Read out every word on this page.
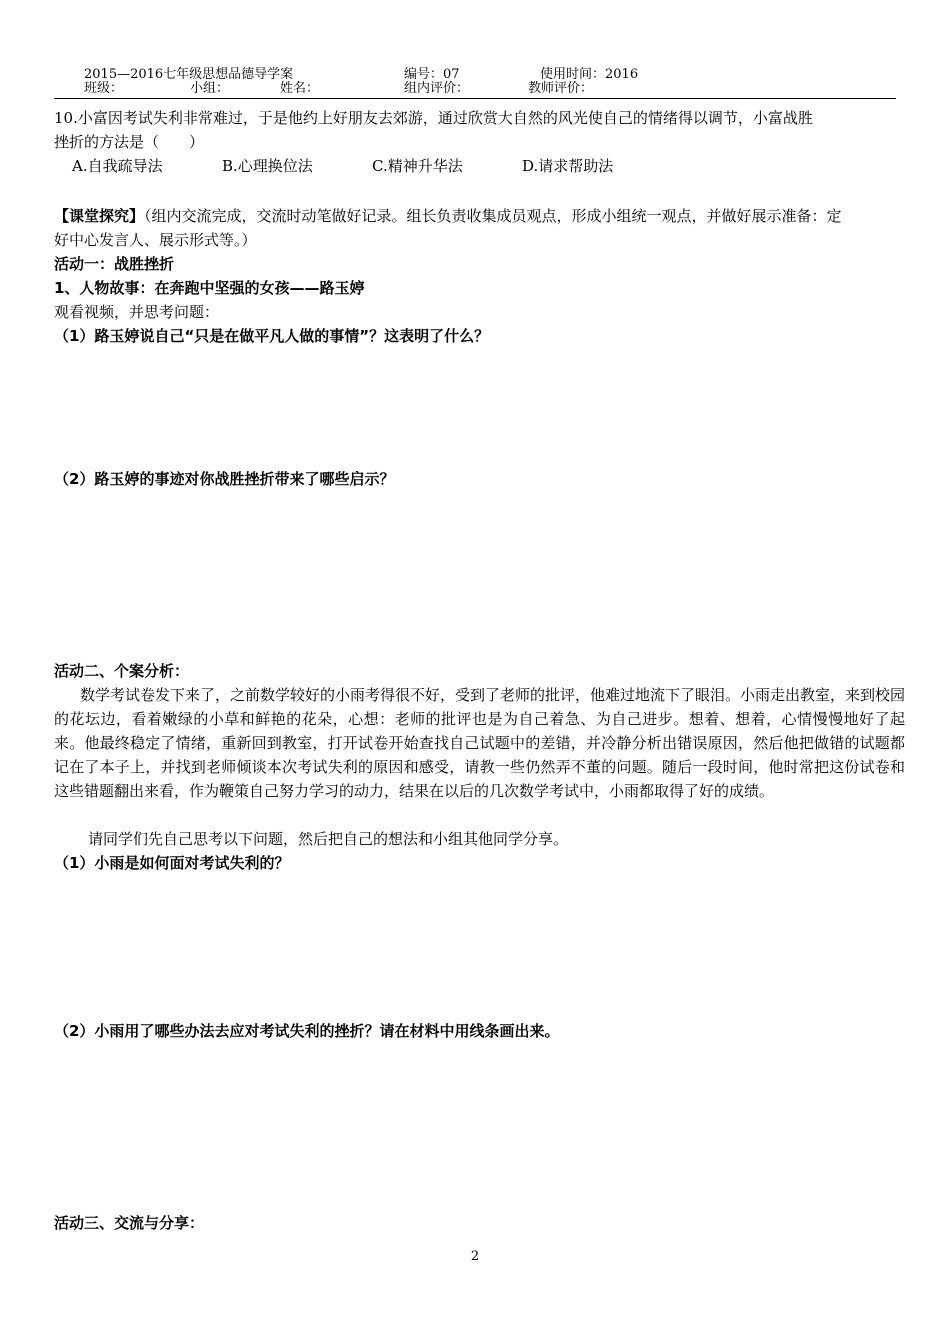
2015—2016七年级思想品德导学案	编号：07	使用时间：2016
班级：	小组：	姓名：	组内评价：	教师评价：
10.小富因考试失利非常难过，于是他约上好朋友去郊游，通过欣赏大自然的风光使自己的情绪得以调节，小富战胜
挫折的方法是（　　）
A.自我疏导法	B.心理换位法	C.精神升华法	D.请求帮助法
【课堂探究】（组内交流完成，交流时动笔做好记录。组长负责收集成员观点，形成小组统一观点，并做好展示准备：定
好中心发言人、展示形式等。）
活动一：战胜挫折
1、人物故事：在奔跑中坚强的女孩——路玉婷
观看视频，并思考问题：
（1）路玉婷说自己“只是在做平凡人做的事情”？这表明了什么？
（2）路玉婷的事迹对你战胜挫折带来了哪些启示？
活动二、个案分析：
数学考试卷发下来了，之前数学较好的小雨考得很不好，受到了老师的批评，他难过地流下了眼泪。小雨走出教室，来到校园的花坛边，看着嫩绿的小草和鲜艳的花朵，心想：老师的批评也是为自己着急、为自己进步。想着、想着，心情慢慢地好了起来。他最终稳定了情绪，重新回到教室，打开试卷开始查找自己试题中的差错，并冷静分析出错误原因，然后他把做错的试题都记在了本子上，并找到老师倾谈本次考试失利的原因和感受，请教一些仍然弄不董的问题。随后一段时间，他时常把这份试卷和这些错题翻出来看，作为鞭策自己努力学习的动力，结果在以后的几次数学考试中，小雨都取得了好的成绩。
请同学们先自己思考以下问题，然后把自己的想法和小组其他同学分享。
（1）小雨是如何面对考试失利的？
（2）小雨用了哪些办法去应对考试失利的挫折？请在材料中用线条画出来。
活动三、交流与分享：
2
